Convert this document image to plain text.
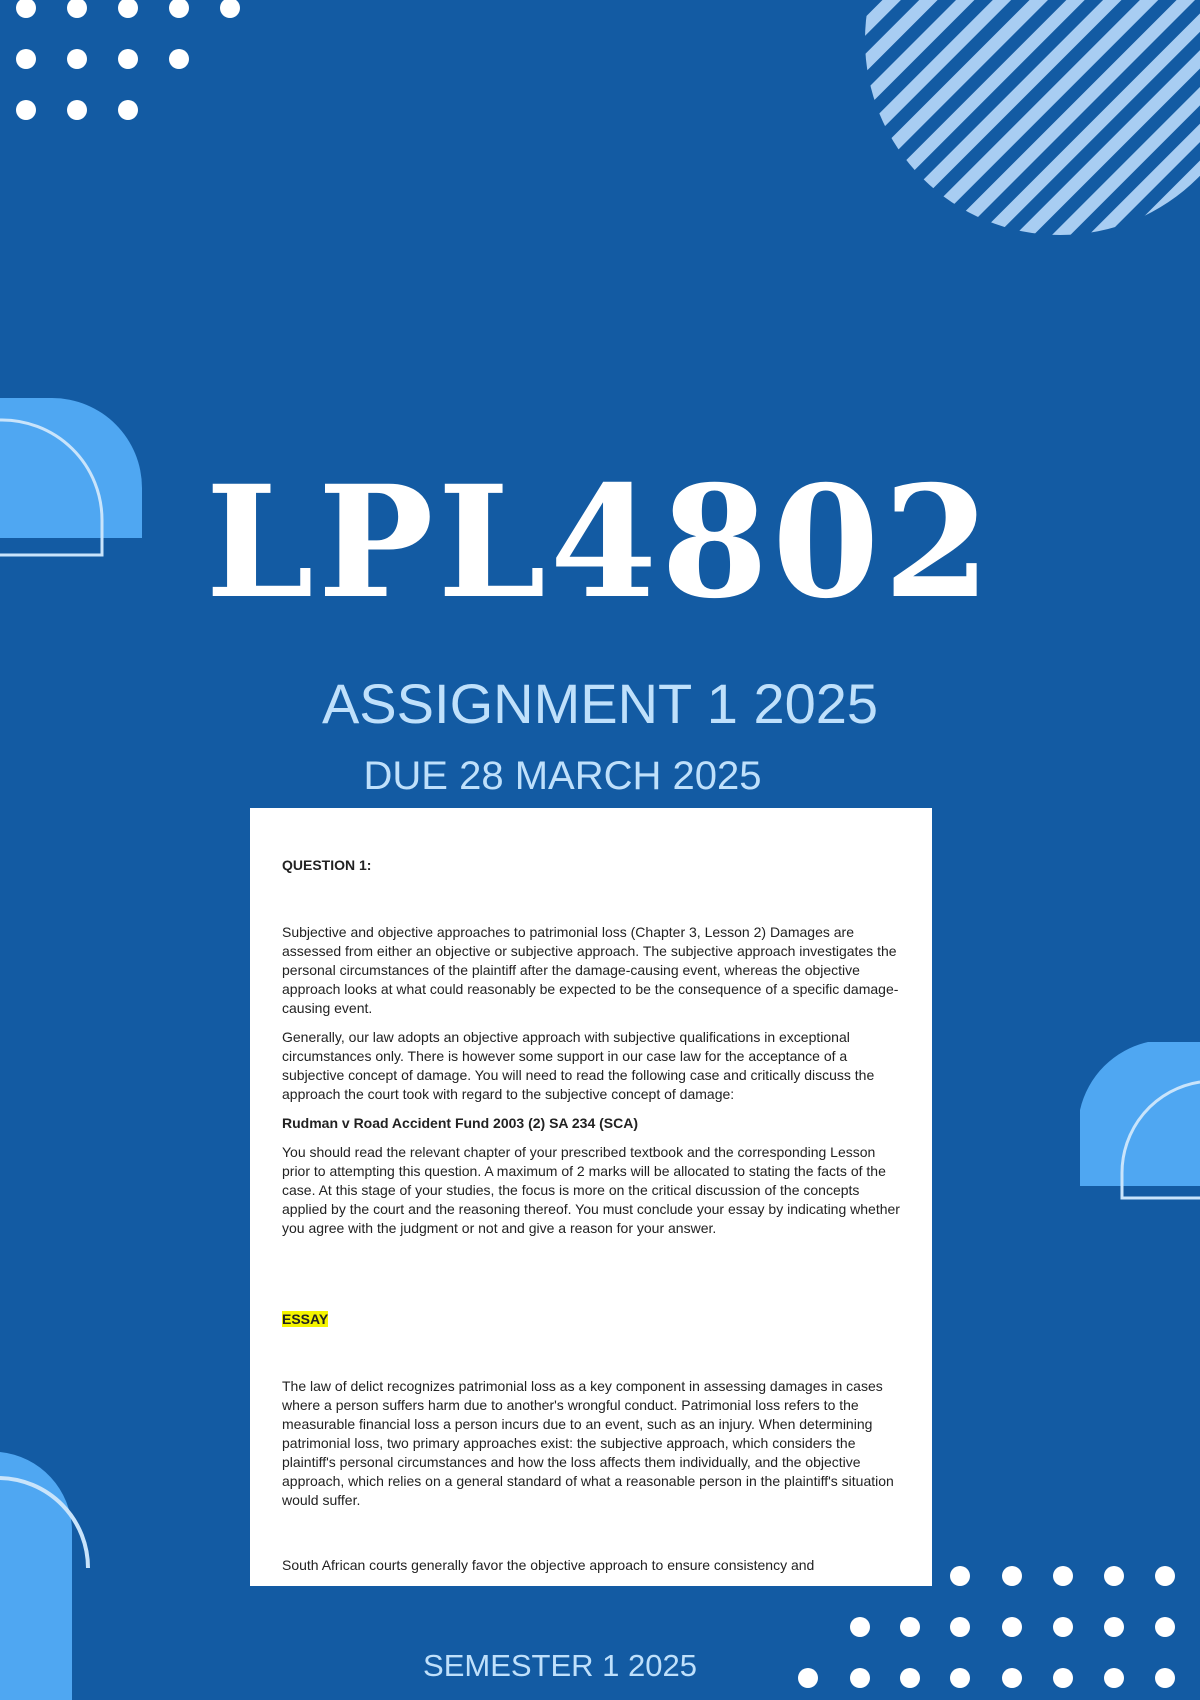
LPL4802
ASSIGNMENT 1 2025
DUE 28 MARCH 2025

QUESTION 1:

Subjective and objective approaches to patrimonial loss (Chapter 3, Lesson 2) Damages are assessed from either an objective or subjective approach. The subjective approach investigates the personal circumstances of the plaintiff after the damage-causing event, whereas the objective approach looks at what could reasonably be expected to be the consequence of a specific damage- causing event.

Generally, our law adopts an objective approach with subjective qualifications in exceptional circumstances only. There is however some support in our case law for the acceptance of a subjective concept of damage. You will need to read the following case and critically discuss the approach the court took with regard to the subjective concept of damage:

Rudman v Road Accident Fund 2003 (2) SA 234 (SCA)

You should read the relevant chapter of your prescribed textbook and the corresponding Lesson prior to attempting this question. A maximum of 2 marks will be allocated to stating the facts of the case. At this stage of your studies, the focus is more on the critical discussion of the concepts applied by the court and the reasoning thereof. You must conclude your essay by indicating whether you agree with the judgment or not and give a reason for your answer.

ESSAY

The law of delict recognizes patrimonial loss as a key component in assessing damages in cases where a person suffers harm due to another's wrongful conduct. Patrimonial loss refers to the measurable financial loss a person incurs due to an event, such as an injury. When determining patrimonial loss, two primary approaches exist: the subjective approach, which considers the plaintiff's personal circumstances and how the loss affects them individually, and the objective approach, which relies on a general standard of what a reasonable person in the plaintiff's situation would suffer.

South African courts generally favor the objective approach to ensure consistency and

SEMESTER 1 2025
